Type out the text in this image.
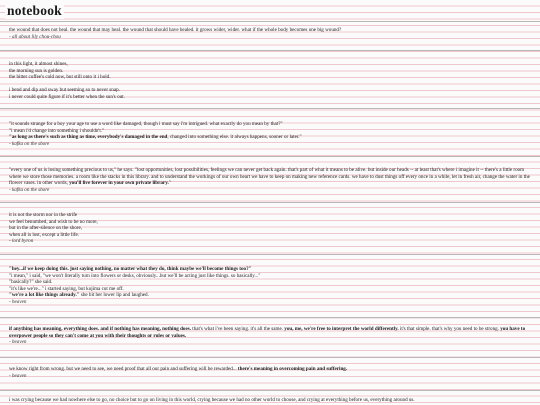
notebook

the wound that does not heal. the wound that may heal. the wound that should have healed. it grows wider, wider. what if the whole body becomes one big wound?

- all about lily chou-chou

in this light, it almost shines,

the morning sun is golden.

the bitter coffee's cold now, but still onto it i hold.

i bend and dip and sway but seeming so to never snap.

i never could quite figure if it's better when the sun's out.

"it sounds strange for a boy your age to use a word like damaged, though i must say i'm intrigued. what exactly do you mean by that?"

"i mean i'd change into something i shouldn't."

"as long as there's such as thing as time, everybody's damaged in the end, changed into something else. it always happens, sooner or later."

- kafka on the shore

"every one of us is losing something precious to us," he says. "lost opportunities, lost possibilities, feelings we can never get back again. that's part of what it means to be alive. but inside our heads -- at least that's where i imagine it -- there's a little room where we store those memories. a room like the stacks in this library. and to understand the workings of our own heart we have to keep on making new reference cards. we have to dust things off every once in a while, let in fresh air, change the water in the flower vases. in other words, you'll live forever in your own private library."

- kafka on the shore

it is not the storm nor in the strife

we feel benumbed, and wish to be no more,

but in the after-silence on the shore,

when all is lost, except a little life.

- lord byron

"hey...if we keep doing this. just saying nothing, no matter what they do, think maybe we'll become things too?"

"i mean," i said, "we won't literally turn into flowers or desks, obviously...but we'll be acting just like things. so basically..."

"basically?" she said.

"it's like we're..." i started saying, but kojima cut me off.

"we're a lot like things already." she bit her lower lip and laughed.

- heaven

if anything has meaning, everything does. and if nothing has meaning, nothing does. that's what i've been saying. it's all the same. you, me, we're free to interpret the world differently. it's that simple. that's why you need to be strong. you have to overpower people so they can't come at you with their thoughts or rules or values.

- heaven

we know right from wrong. but we need to see, we need proof that all our pain and suffering will be rewarded... there's meaning in overcoming pain and suffering.

- heaven

i was crying because we had nowhere else to go, no choice but to go on living in this world, crying because we had no other world to choose, and crying at everything before us, everything around us.
